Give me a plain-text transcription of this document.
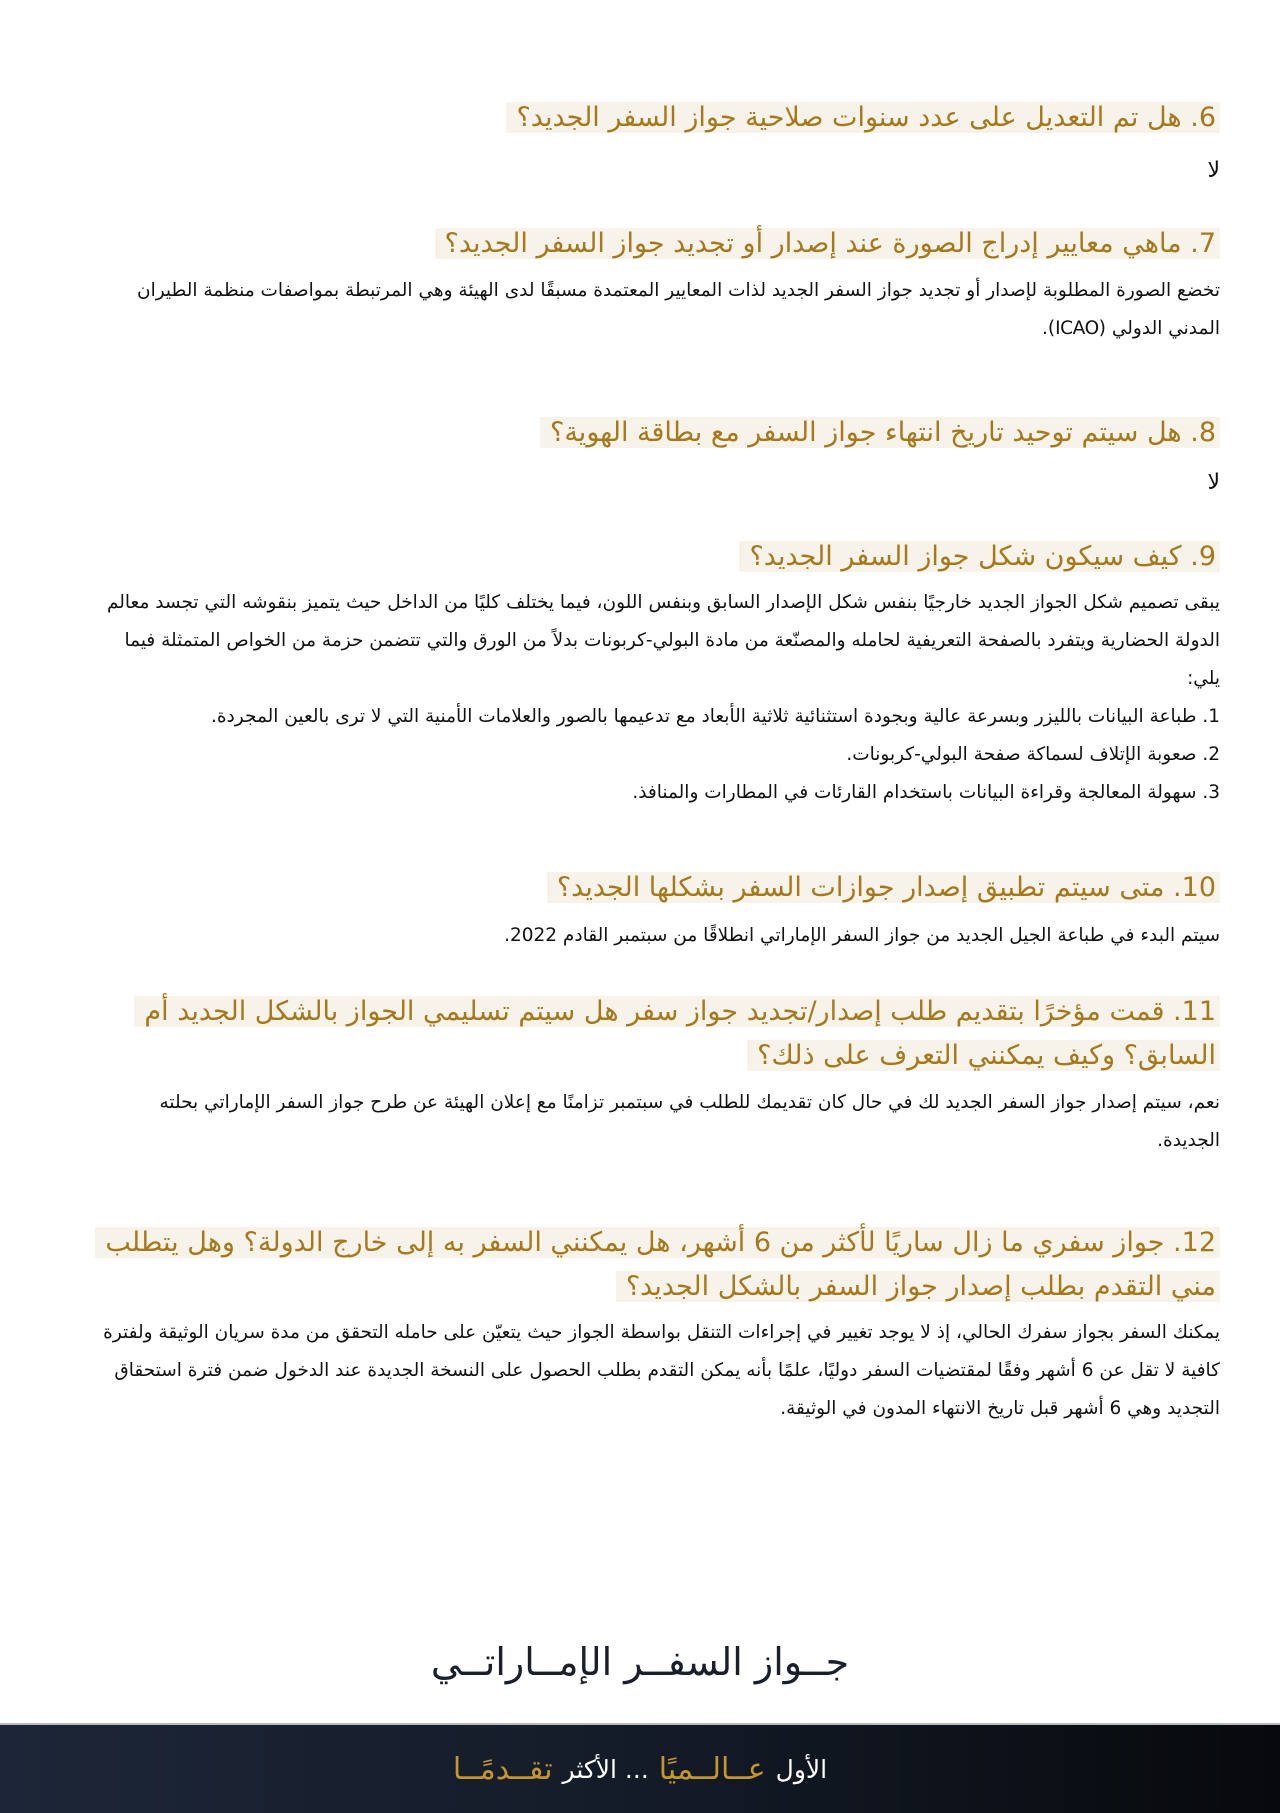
6. هل تم التعديل على عدد سنوات صلاحية جواز السفر الجديد؟

لا

7. ماهي معايير إدراج الصورة عند إصدار أو تجديد جواز السفر الجديد؟

تخضع الصورة المطلوبة لإصدار أو تجديد جواز السفر الجديد لذات المعايير المعتمدة مسبقًا لدى الهيئة وهي المرتبطة بمواصفات منظمة الطيران المدني الدولي (ICAO).

8. هل سيتم توحيد تاريخ انتهاء جواز السفر مع بطاقة الهوية؟

لا

9. كيف سيكون شكل جواز السفر الجديد؟

يبقى تصميم شكل الجواز الجديد خارجيًا بنفس شكل الإصدار السابق وبنفس اللون، فيما يختلف كليًا من الداخل حيث يتميز بنقوشه التي تجسد معالم الدولة الحضارية ويتفرد بالصفحة التعريفية لحامله والمصنّعة من مادة البولي-كربونات بدلاً من الورق والتي تتضمن حزمة من الخواص المتمثلة فيما يلي:

1. طباعة البيانات بالليزر وبسرعة عالية وبجودة استثنائية ثلاثية الأبعاد مع تدعيمها بالصور والعلامات الأمنية التي لا ترى بالعين المجردة.

2. صعوبة الإتلاف لسماكة صفحة البولي-كربونات.

3. سهولة المعالجة وقراءة البيانات باستخدام القارئات في المطارات والمنافذ.

10. متى سيتم تطبيق إصدار جوازات السفر بشكلها الجديد؟

سيتم البدء في طباعة الجيل الجديد من جواز السفر الإماراتي انطلاقًا من سبتمبر القادم 2022.

11. قمت مؤخرًا بتقديم طلب إصدار/تجديد جواز سفر هل سيتم تسليمي الجواز بالشكل الجديد أم السابق؟ وكيف يمكنني التعرف على ذلك؟

نعم، سيتم إصدار جواز السفر الجديد لك في حال كان تقديمك للطلب في سبتمبر تزامنًا مع إعلان الهيئة عن طرح جواز السفر الإماراتي بحلته الجديدة.

12. جواز سفري ما زال ساريًا لأكثر من 6 أشهر، هل يمكنني السفر به إلى خارج الدولة؟ وهل يتطلب مني التقدم بطلب إصدار جواز السفر بالشكل الجديد؟

يمكنك السفر بجواز سفرك الحالي، إذ لا يوجد تغيير في إجراءات التنقل بواسطة الجواز حيث يتعيّن على حامله التحقق من مدة سريان الوثيقة ولفترة كافية لا تقل عن 6 أشهر وفقًا لمقتضيات السفر دوليًا، علمًا بأنه يمكن التقدم بطلب الحصول على النسخة الجديدة عند الدخول ضمن فترة استحقاق التجديد وهي 6 أشهر قبل تاريخ الانتهاء المدون في الوثيقة.

جــواز السفــر الإمــاراتــي
الأول
عــالــميًا
... الأكثر
تقــدمًــا
